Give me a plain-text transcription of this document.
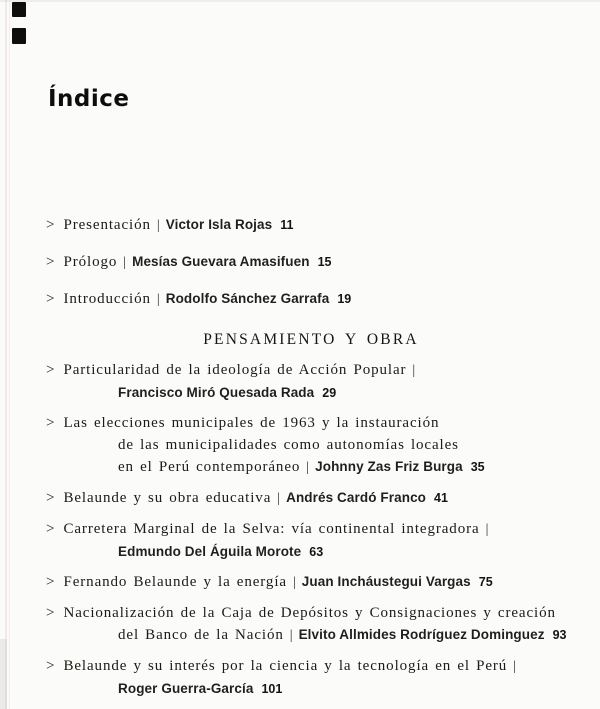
Índice
> Presentación | Victor Isla Rojas 11
> Prólogo | Mesías Guevara Amasifuen 15
> Introducción | Rodolfo Sánchez Garrafa 19
PENSAMIENTO Y OBRA
> Particularidad de la ideología de Acción Popular |
Francisco Miró Quesada Rada 29
> Las elecciones municipales de 1963 y la instauración
de las municipalidades como autonomías locales
en el Perú contemporáneo | Johnny Zas Friz Burga 35
> Belaunde y su obra educativa | Andrés Cardó Franco 41
> Carretera Marginal de la Selva: vía continental integradora |
Edmundo Del Águila Morote 63
> Fernando Belaunde y la energía | Juan Incháustegui Vargas 75
> Nacionalización de la Caja de Depósitos y Consignaciones y creación
del Banco de la Nación | Elvito Allmides Rodríguez Dominguez 93
> Belaunde y su interés por la ciencia y la tecnología en el Perú |
Roger Guerra-García 101
